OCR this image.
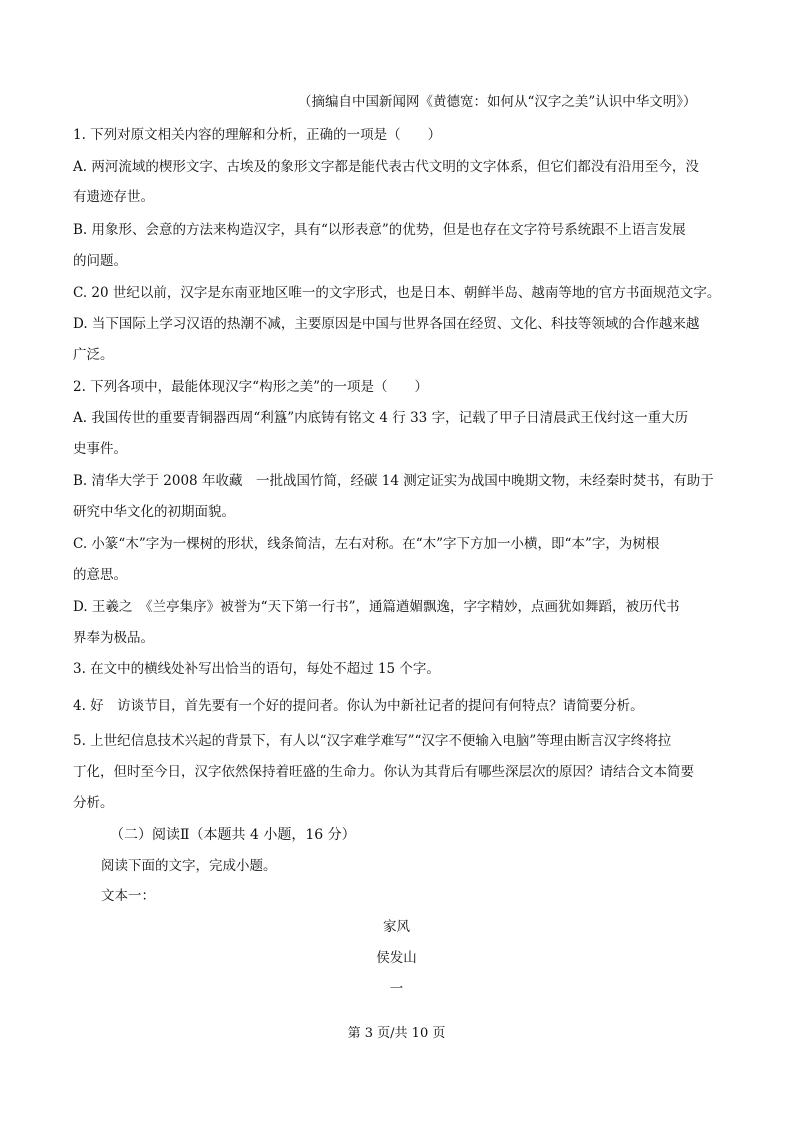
（摘编自中国新闻网《黄德宽：如何从“汉字之美”认识中华文明》）
1. 下列对原文相关内容的理解和分析，正确的一项是（　　）
A. 两河流域的楔形文字、古埃及的象形文字都是能代表古代文明的文字体系，但它们都没有沿用至今，没
有遗迹存世。
B. 用象形、会意的方法来构造汉字，具有“以形表意”的优势，但是也存在文字符号系统跟不上语言发展
的问题。
C. 20 世纪以前，汉字是东南亚地区唯一的文字形式，也是日本、朝鲜半岛、越南等地的官方书面规范文字。
D. 当下国际上学习汉语的热潮不减，主要原因是中国与世界各国在经贸、文化、科技等领域的合作越来越
广泛。
2. 下列各项中，最能体现汉字“构形之美”的一项是（　　）
A. 我国传世的重要青铜器西周“利簋”内底铸有铭文 4 行 33 字，记载了甲子日清晨武王伐纣这一重大历
史事件。
B. 清华大学于 2008 年收藏　一批战国竹简，经碳 14 测定证实为战国中晚期文物，未经秦时焚书，有助于
研究中华文化的初期面貌。
C. 小篆“木”字为一棵树的形状，线条简洁，左右对称。在“木”字下方加一小横，即“本”字，为树根
的意思。
D. 王羲之　《兰亭集序》被誉为“天下第一行书”，通篇遒媚飘逸，字字精妙，点画犹如舞蹈，被历代书
界奉为极品。
3. 在文中的横线处补写出恰当的语句，每处不超过 15 个字。
4. 好　访谈节目，首先要有一个好的提问者。你认为中新社记者的提问有何特点？请简要分析。
5. 上世纪信息技术兴起的背景下，有人以“汉字难学难写”“汉字不便输入电脑”等理由断言汉字终将拉
丁化，但时至今日，汉字依然保持着旺盛的生命力。你认为其背后有哪些深层次的原因？请结合文本简要
分析。
（二）阅读Ⅱ（本题共 4 小题，16 分）
阅读下面的文字，完成小题。
文本一：
家风
侯发山
一
第 3 页/共 10 页
